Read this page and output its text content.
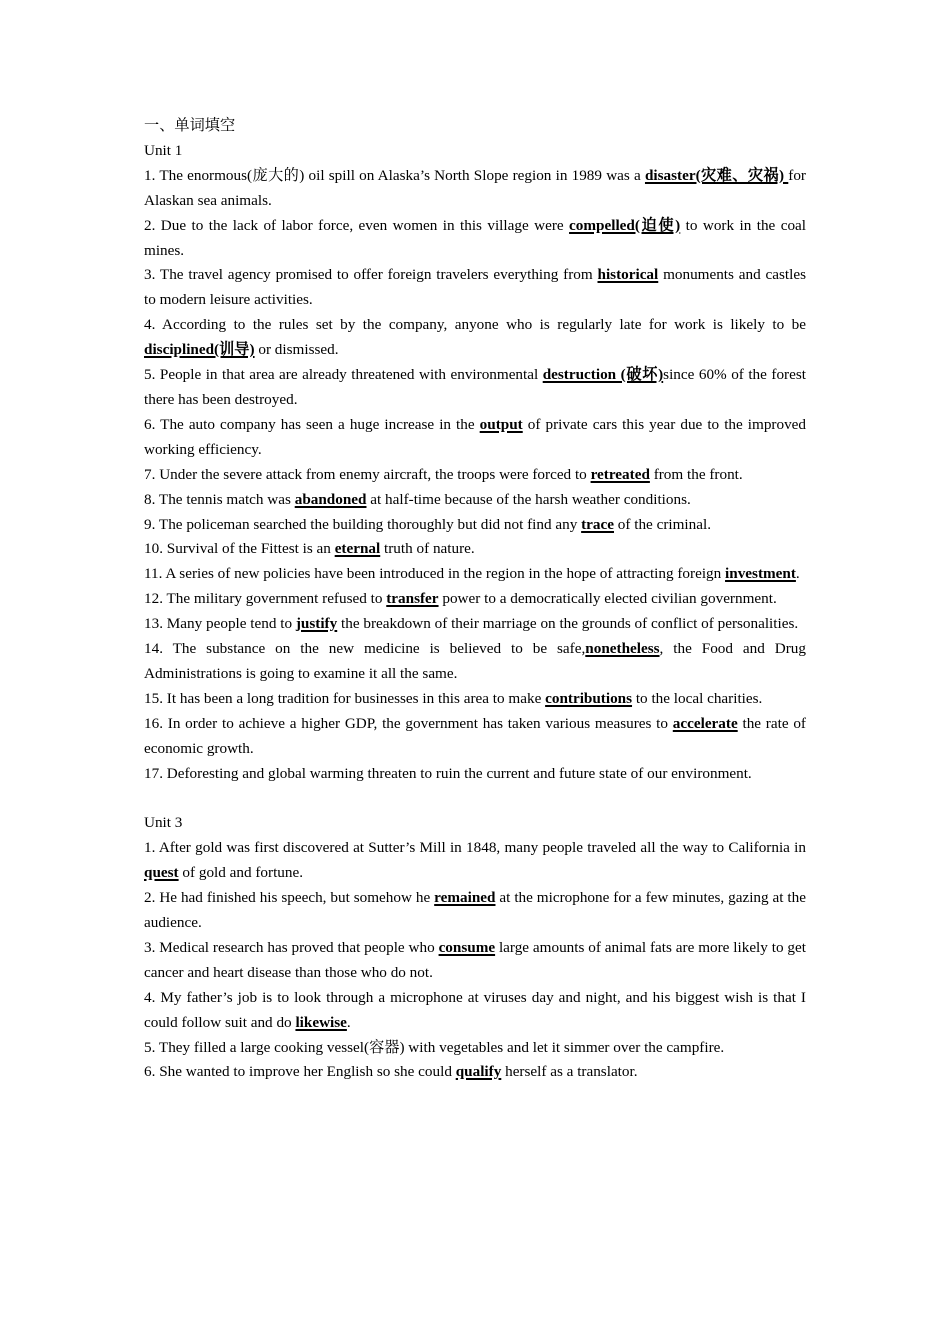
一、单词填空
Unit 1
1. The enormous(庞大的) oil spill on Alaska’s North Slope region in 1989 was a disaster(灾难、灾祸) for Alaskan sea animals.
2. Due to the lack of labor force, even women in this village were compelled(迫使) to work in the coal mines.
3. The travel agency promised to offer foreign travelers everything from historical monuments and castles to modern leisure activities.
4. According to the rules set by the company, anyone who is regularly late for work is likely to be disciplined(训导) or dismissed.
5. People in that area are already threatened with environmental destruction (破坏)since 60% of the forest there has been destroyed.
6. The auto company has seen a huge increase in the output of private cars this year due to the improved working efficiency.
7. Under the severe attack from enemy aircraft, the troops were forced to retreated from the front.
8. The tennis match was abandoned at half-time because of the harsh weather conditions.
9. The policeman searched the building thoroughly but did not find any trace of the criminal.
10. Survival of the Fittest is an eternal truth of nature.
11. A series of new policies have been introduced in the region in the hope of attracting foreign investment.
12. The military government refused to transfer power to a democratically elected civilian government.
13. Many people tend to justify the breakdown of their marriage on the grounds of conflict of personalities.
14. The substance on the new medicine is believed to be safe,nonetheless, the Food and Drug Administrations is going to examine it all the same.
15. It has been a long tradition for businesses in this area to make contributions to the local charities.
16. In order to achieve a higher GDP, the government has taken various measures to accelerate the rate of economic growth.
17. Deforesting and global warming threaten to ruin the current and future state of our environment.
Unit 3
1. After gold was first discovered at Sutter’s Mill in 1848, many people traveled all the way to California in quest of gold and fortune.
2. He had finished his speech, but somehow he remained at the microphone for a few minutes, gazing at the audience.
3. Medical research has proved that people who consume large amounts of animal fats are more likely to get cancer and heart disease than those who do not.
4. My father’s job is to look through a microphone at viruses day and night, and his biggest wish is that I could follow suit and do likewise.
5. They filled a large cooking vessel(容器) with vegetables and let it simmer over the campfire.
6. She wanted to improve her English so she could qualify herself as a translator.
